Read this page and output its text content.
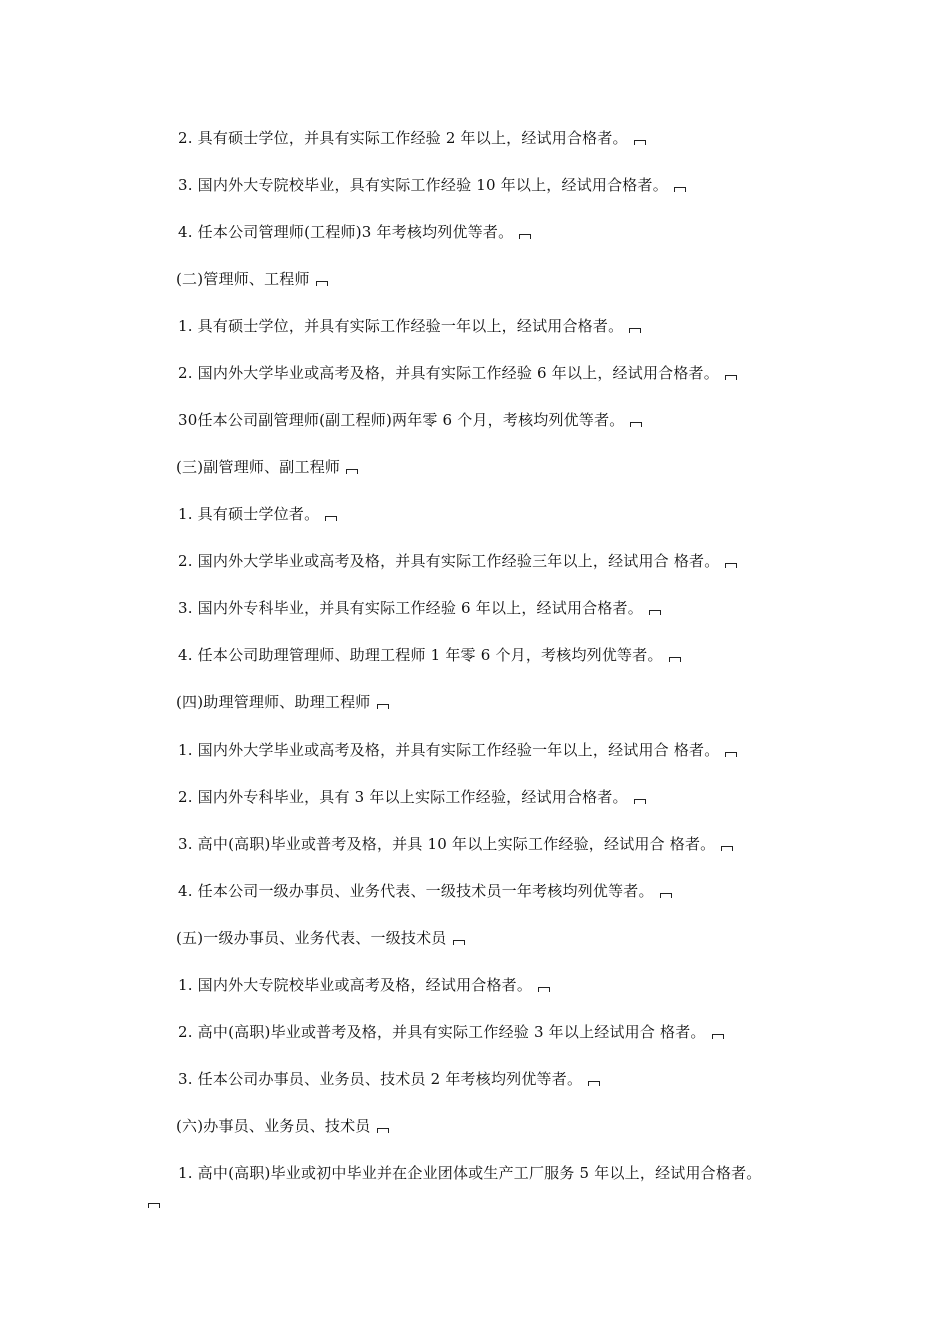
2. 具有硕士学位，并具有实际工作经验 2 年以上，经试用合格者。
3. 国内外大专院校毕业，具有实际工作经验 10 年以上，经试用合格者。
4. 任本公司管理师(工程师)3 年考核均列优等者。
(二)管理师、工程师
1. 具有硕士学位，并具有实际工作经验一年以上，经试用合格者。
2. 国内外大学毕业或高考及格，并具有实际工作经验 6 年以上，经试用合格者。
30任本公司副管理师(副工程师)两年零 6 个月，考核均列优等者。
(三)副管理师、副工程师
1. 具有硕士学位者。
2. 国内外大学毕业或高考及格，并具有实际工作经验三年以上，经试用合 格者。
3. 国内外专科毕业，并具有实际工作经验 6 年以上，经试用合格者。
4. 任本公司助理管理师、助理工程师 1 年零 6 个月，考核均列优等者。
(四)助理管理师、助理工程师
1. 国内外大学毕业或高考及格，并具有实际工作经验一年以上，经试用合 格者。
2. 国内外专科毕业，具有 3 年以上实际工作经验，经试用合格者。
3. 高中(高职)毕业或普考及格，并具 10 年以上实际工作经验，经试用合 格者。
4. 任本公司一级办事员、业务代表、一级技术员一年考核均列优等者。
(五)一级办事员、业务代表、一级技术员
1. 国内外大专院校毕业或高考及格，经试用合格者。
2. 高中(高职)毕业或普考及格，并具有实际工作经验 3 年以上经试用合 格者。
3. 任本公司办事员、业务员、技术员 2 年考核均列优等者。
(六)办事员、业务员、技术员
1. 高中(高职)毕业或初中毕业并在企业团体或生产工厂服务 5 年以上，经试用合格者。
